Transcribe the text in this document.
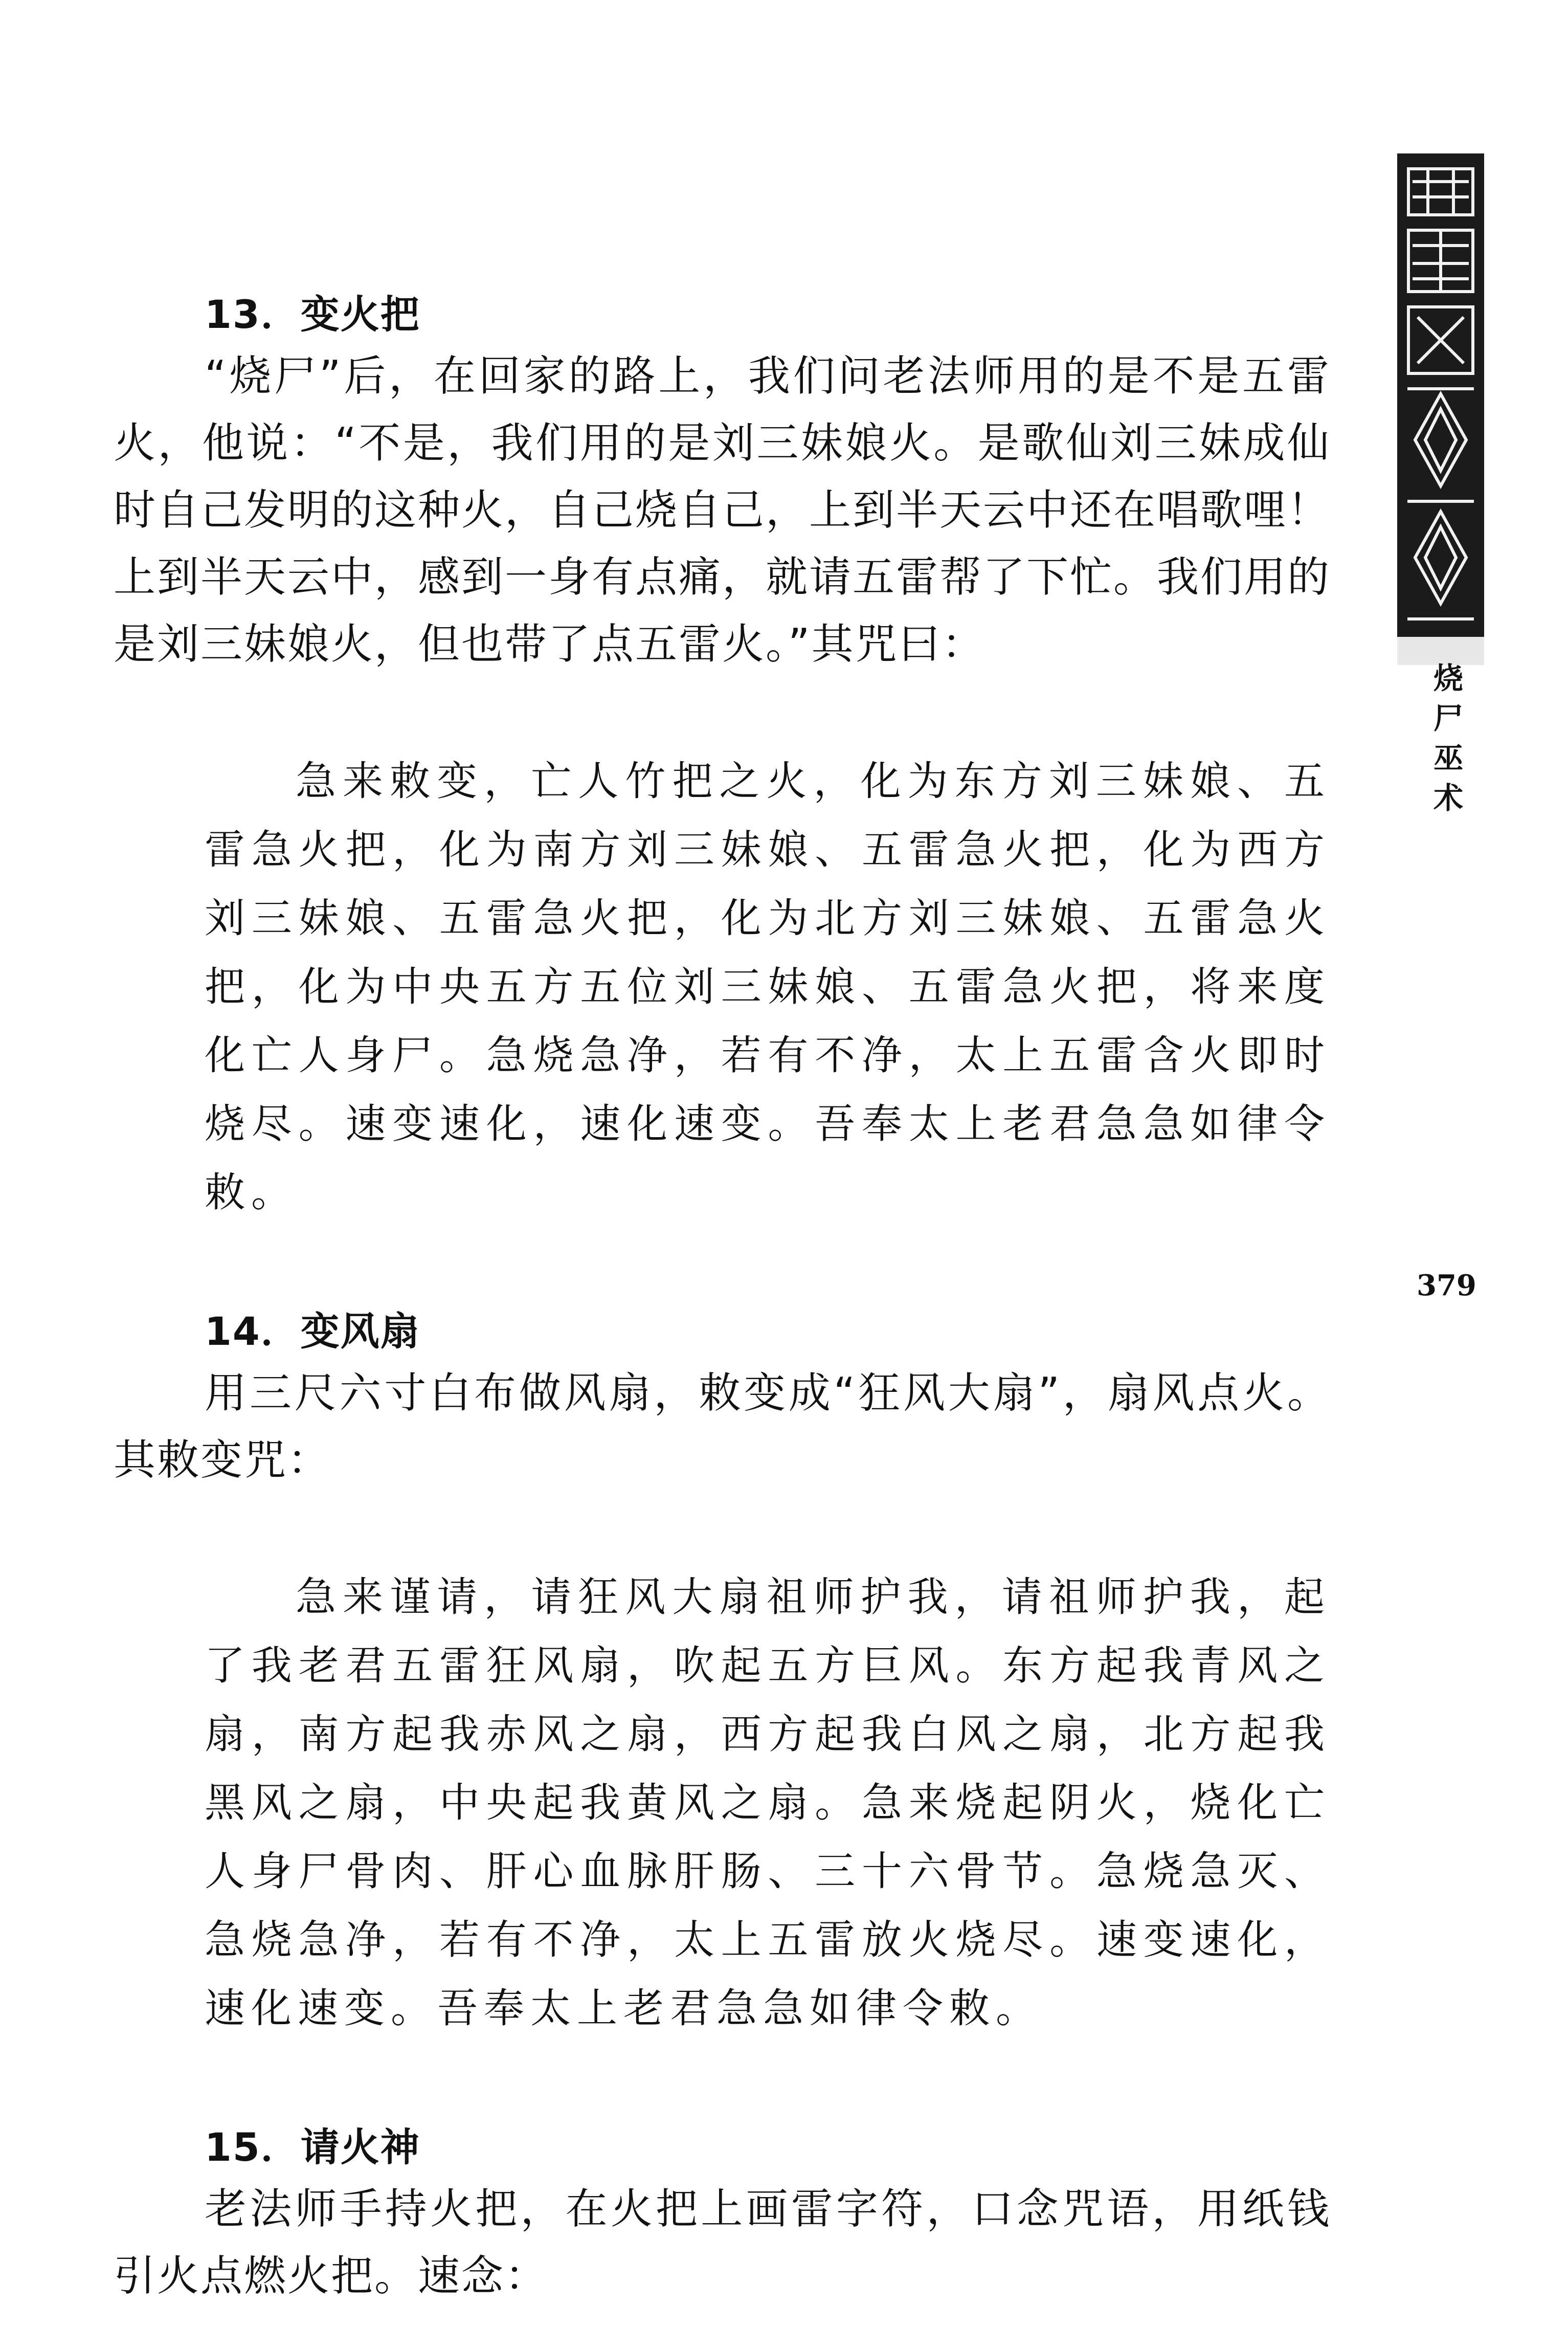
烧尸巫术
379
13．变火把
“烧尸”后，在回家的路上，我们问老法师用的是不是五雷火，他说：“不是，我们用的是刘三妹娘火。是歌仙刘三妹成仙时自己发明的这种火，自己烧自己，上到半天云中还在唱歌哩！上到半天云中，感到一身有点痛，就请五雷帮了下忙。我们用的是刘三妹娘火，但也带了点五雷火。”其咒曰：
急来敕变，亡人竹把之火，化为东方刘三妹娘、五雷急火把，化为南方刘三妹娘、五雷急火把，化为西方刘三妹娘、五雷急火把，化为北方刘三妹娘、五雷急火把，化为中央五方五位刘三妹娘、五雷急火把，将来度化亡人身尸。急烧急净，若有不净，太上五雷含火即时烧尽。速变速化，速化速变。吾奉太上老君急急如律令敕。
14．变风扇
用三尺六寸白布做风扇，敕变成“狂风大扇”，扇风点火。其敕变咒：
急来谨请，请狂风大扇祖师护我，请祖师护我，起了我老君五雷狂风扇，吹起五方巨风。东方起我青风之扇，南方起我赤风之扇，西方起我白风之扇，北方起我黑风之扇，中央起我黄风之扇。急来烧起阴火，烧化亡人身尸骨肉、肝心血脉肝肠、三十六骨节。急烧急灭、急烧急净，若有不净，太上五雷放火烧尽。速变速化，速化速变。吾奉太上老君急急如律令敕。
15．请火神
老法师手持火把，在火把上画雷字符，口念咒语，用纸钱引火点燃火把。速念：
